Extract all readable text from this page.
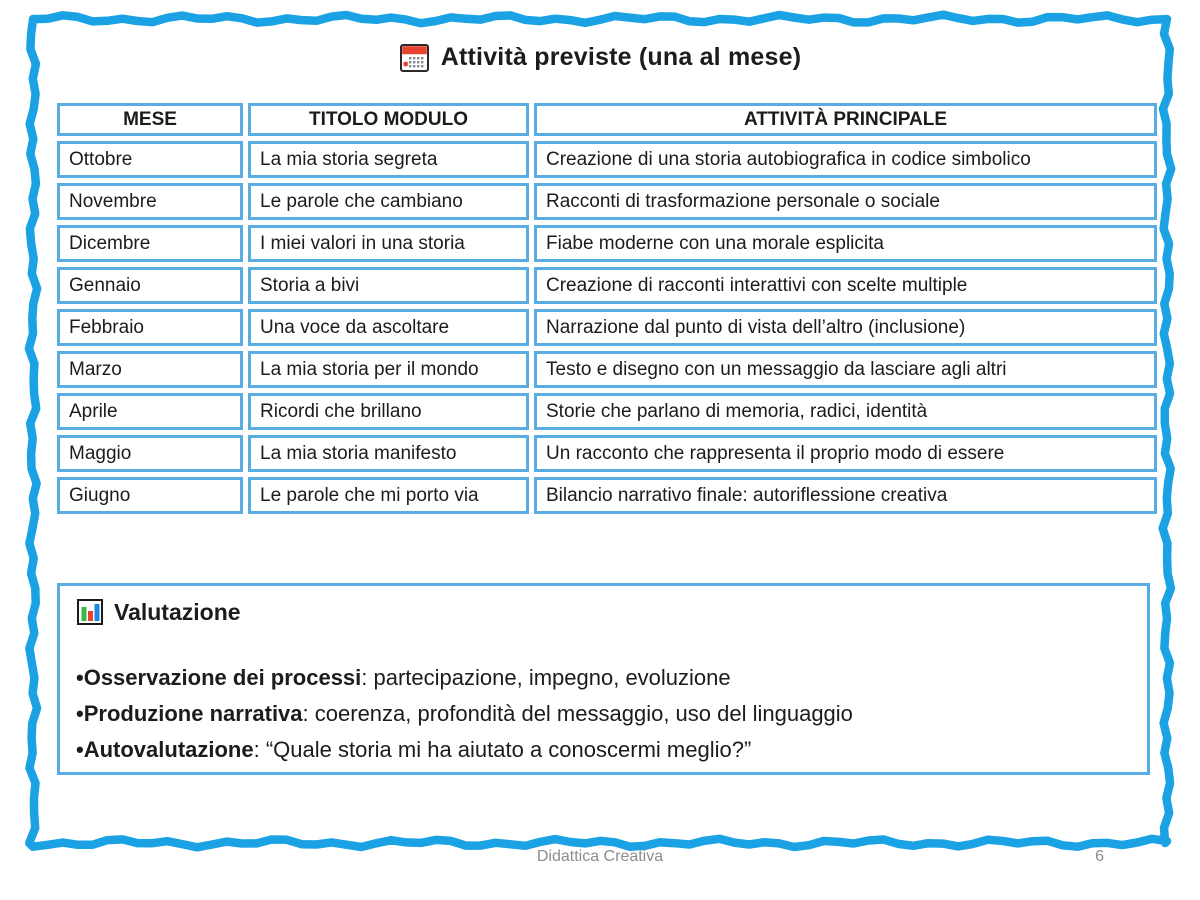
Attività previste (una al mese)
MESE	TITOLO MODULO	ATTIVITÀ PRINCIPALE
Ottobre	La mia storia segreta	Creazione di una storia autobiografica in codice simbolico
Novembre	Le parole che cambiano	Racconti di trasformazione personale o sociale
Dicembre	I miei valori in una storia	Fiabe moderne con una morale esplicita
Gennaio	Storia a bivi	Creazione di racconti interattivi con scelte multiple
Febbraio	Una voce da ascoltare	Narrazione dal punto di vista dell’altro (inclusione)
Marzo	La mia storia per il mondo	Testo e disegno con un messaggio da lasciare agli altri
Aprile	Ricordi che brillano	Storie che parlano di memoria, radici, identità
Maggio	La mia storia manifesto	Un racconto che rappresenta il proprio modo di essere
Giugno	Le parole che mi porto via	Bilancio narrativo finale: autoriflessione creativa
Valutazione
•Osservazione dei processi: partecipazione, impegno, evoluzione
•Produzione narrativa: coerenza, profondità del messaggio, uso del linguaggio
•Autovalutazione: “Quale storia mi ha aiutato a conoscermi meglio?”
Didattica Creativa	6
